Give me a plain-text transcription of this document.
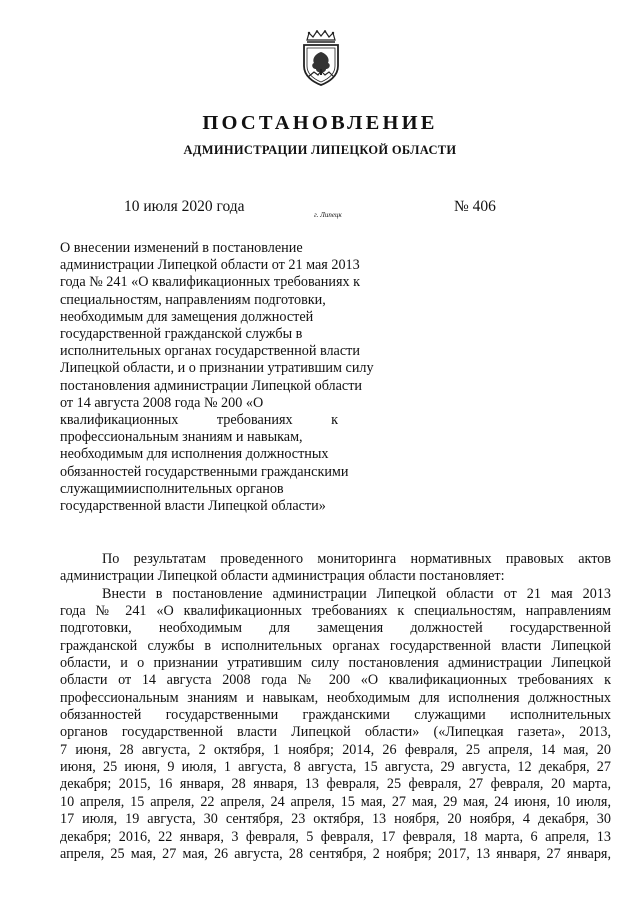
ПОСТАНОВЛЕНИЕ
АДМИНИСТРАЦИИ ЛИПЕЦКОЙ ОБЛАСТИ
10 июля 2020 года	г. Липецк	№ 406
О внесении изменений в постановление
администрации Липецкой области от 21 мая 2013
года № 241 «О квалификационных требованиях к
специальностям, направлениям подготовки,
необходимым для замещения должностей
государственной гражданской службы в
исполнительных органах государственной власти
Липецкой области, и о признании утратившим силу
постановления администрации Липецкой области
от 14 августа 2008 года № 200 «О
квалификационных требованиях к
профессиональным знаниям и навыкам,
необходимым для исполнения должностных
обязанностей государственными гражданскими
служащимиисполнительных органов
государственной власти Липецкой области»
По результатам проведенного мониторинга нормативных правовых актов
администрации Липецкой области администрация области постановляет:
Внести в постановление администрации Липецкой области от 21 мая 2013
года № 241 «О квалификационных требованиях к специальностям, направлениям
подготовки, необходимым для замещения должностей государственной
гражданской службы в исполнительных органах государственной власти Липецкой
области, и о признании утратившим силу постановления администрации Липецкой
области от 14 августа 2008 года № 200 «О квалификационных требованиях к
профессиональным знаниям и навыкам, необходимым для исполнения должностных
обязанностей государственными гражданскими служащими исполнительных
органов государственной власти Липецкой области» («Липецкая газета», 2013,
7 июня, 28 августа, 2 октября, 1 ноября; 2014, 26 февраля, 25 апреля, 14 мая, 20
июня, 25 июня, 9 июля, 1 августа, 8 августа, 15 августа, 29 августа, 12 декабря, 27
декабря; 2015, 16 января, 28 января, 13 февраля, 25 февраля, 27 февраля, 20 марта,
10 апреля, 15 апреля, 22 апреля, 24 апреля, 15 мая, 27 мая, 29 мая, 24 июня, 10 июля,
17 июля, 19 августа, 30 сентября, 23 октября, 13 ноября, 20 ноября, 4 декабря, 30
декабря; 2016, 22 января, 3 февраля, 5 февраля, 17 февраля, 18 марта, 6 апреля, 13
апреля, 25 мая, 27 мая, 26 августа, 28 сентября, 2 ноября; 2017, 13 января, 27 января,
